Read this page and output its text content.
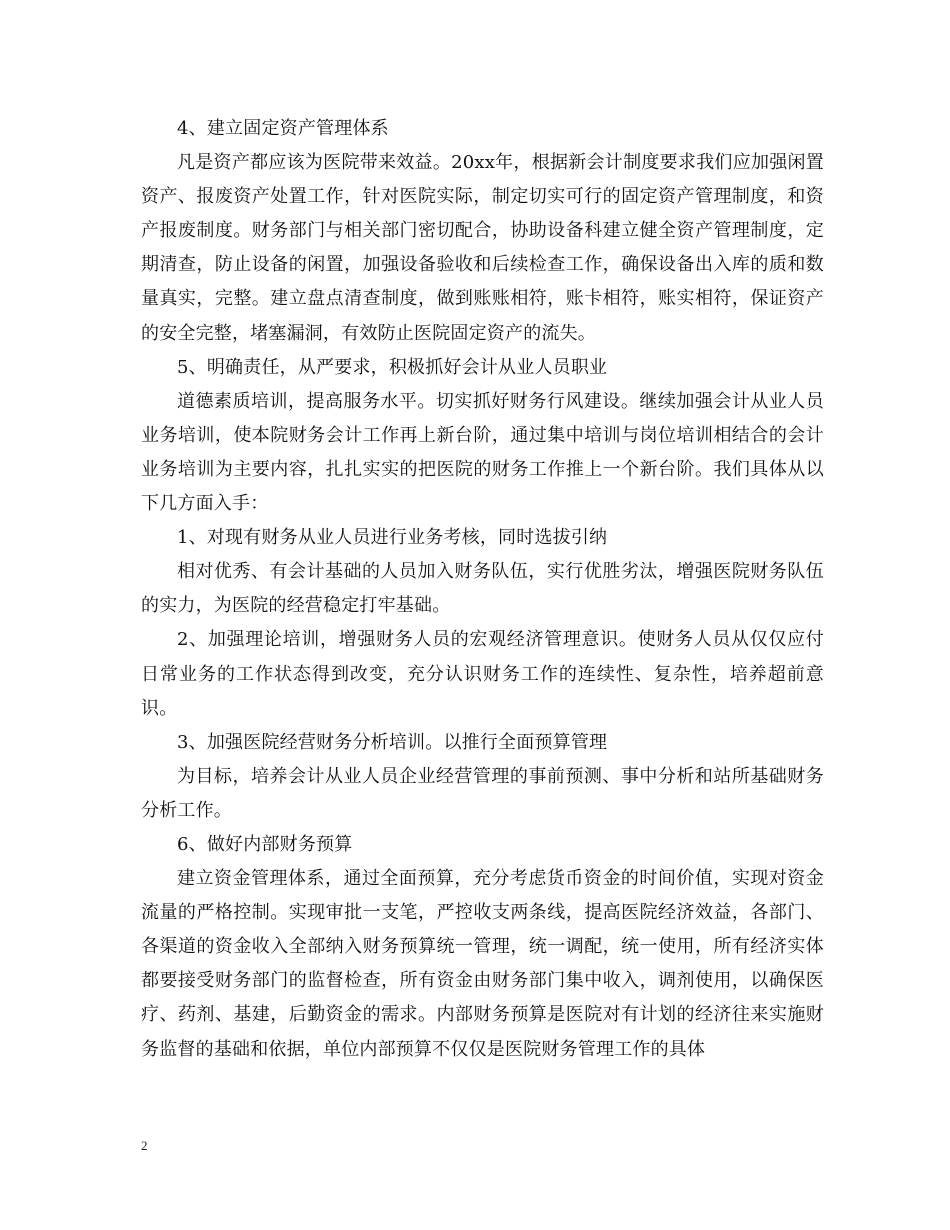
4、建立固定资产管理体系

凡是资产都应该为医院带来效益。20xx年，根据新会计制度要求我们应加强闲置资产、报废资产处置工作，针对医院实际，制定切实可行的固定资产管理制度，和资产报废制度。财务部门与相关部门密切配合，协助设备科建立健全资产管理制度，定期清查，防止设备的闲置，加强设备验收和后续检查工作，确保设备出入库的质和数量真实，完整。建立盘点清查制度，做到账账相符，账卡相符，账实相符，保证资产的安全完整，堵塞漏洞，有效防止医院固定资产的流失。

5、明确责任，从严要求，积极抓好会计从业人员职业

道德素质培训，提高服务水平。切实抓好财务行风建设。继续加强会计从业人员业务培训，使本院财务会计工作再上新台阶，通过集中培训与岗位培训相结合的会计业务培训为主要内容，扎扎实实的把医院的财务工作推上一个新台阶。我们具体从以下几方面入手：

1、对现有财务从业人员进行业务考核，同时选拔引纳

相对优秀、有会计基础的人员加入财务队伍，实行优胜劣汰，增强医院财务队伍的实力，为医院的经营稳定打牢基础。

2、加强理论培训，增强财务人员的宏观经济管理意识。使财务人员从仅仅应付日常业务的工作状态得到改变，充分认识财务工作的连续性、复杂性，培养超前意识。

3、加强医院经营财务分析培训。以推行全面预算管理

为目标，培养会计从业人员企业经营管理的事前预测、事中分析和站所基础财务分析工作。

6、做好内部财务预算

建立资金管理体系，通过全面预算，充分考虑货币资金的时间价值，实现对资金流量的严格控制。实现审批一支笔，严控收支两条线，提高医院经济效益，各部门、各渠道的资金收入全部纳入财务预算统一管理，统一调配，统一使用，所有经济实体都要接受财务部门的监督检查，所有资金由财务部门集中收入，调剂使用，以确保医疗、药剂、基建，后勤资金的需求。内部财务预算是医院对有计划的经济往来实施财务监督的基础和依据，单位内部预算不仅仅是医院财务管理工作的具体

2
